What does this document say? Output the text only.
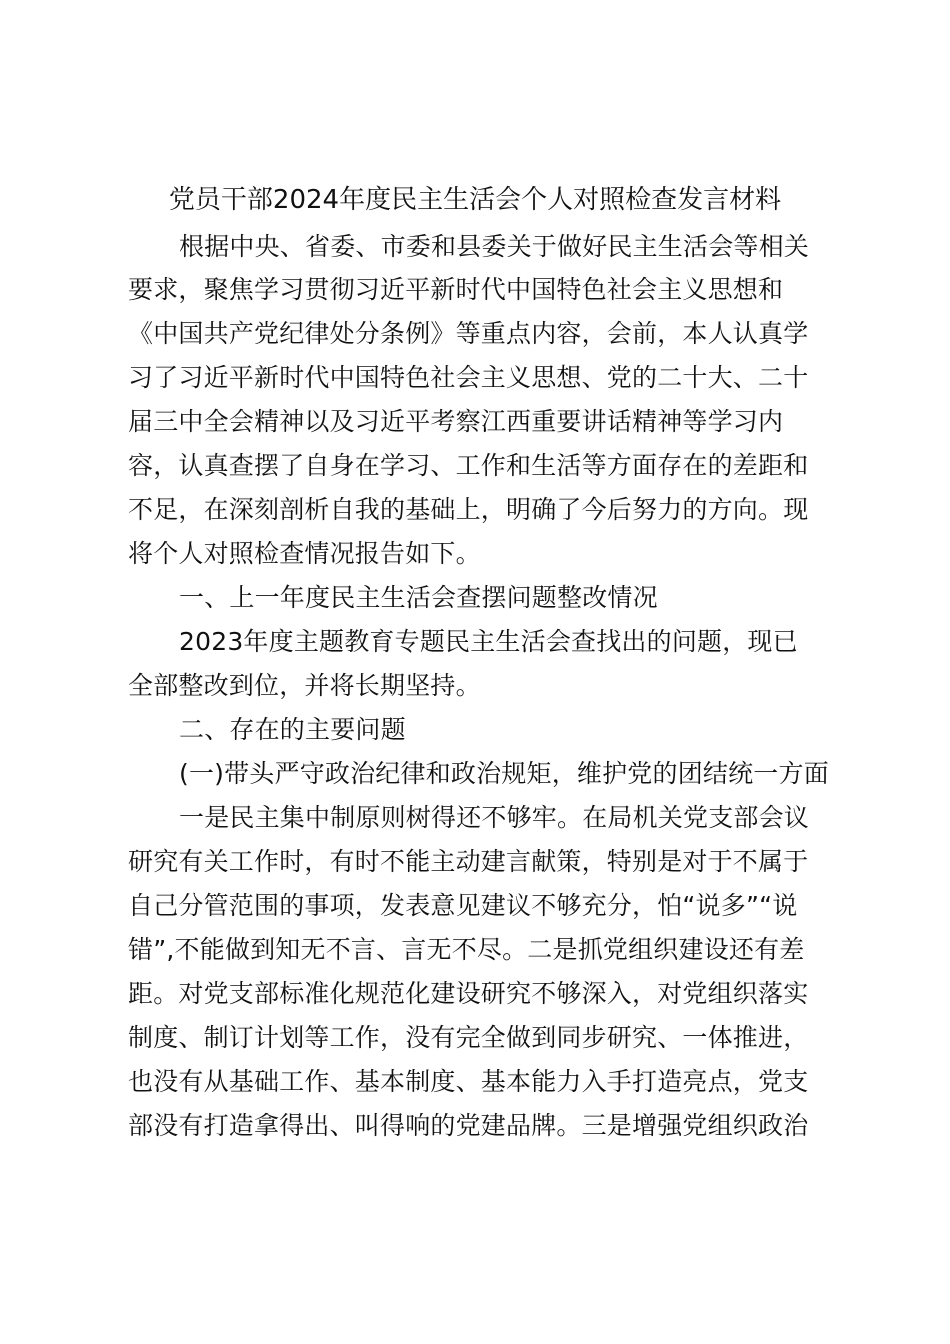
党员干部2024年度民主生活会个人对照检查发言材料
根据中央、省委、市委和县委关于做好民主生活会等相关
要求，聚焦学习贯彻习近平新时代中国特色社会主义思想和
《中国共产党纪律处分条例》等重点内容，会前，本人认真学
习了习近平新时代中国特色社会主义思想、党的二十大、二十
届三中全会精神以及习近平考察江西重要讲话精神等学习内
容，认真查摆了自身在学习、工作和生活等方面存在的差距和
不足，在深刻剖析自我的基础上，明确了今后努力的方向。现
将个人对照检查情况报告如下。
一、上一年度民主生活会查摆问题整改情况
2023年度主题教育专题民主生活会查找出的问题，现已
全部整改到位，并将长期坚持。
二、存在的主要问题
(一)带头严守政治纪律和政治规矩，维护党的团结统一方面
一是民主集中制原则树得还不够牢。在局机关党支部会议
研究有关工作时，有时不能主动建言献策，特别是对于不属于
自己分管范围的事项，发表意见建议不够充分，怕“说多”“说
错”,不能做到知无不言、言无不尽。二是抓党组织建设还有差
距。对党支部标准化规范化建设研究不够深入，对党组织落实
制度、制订计划等工作，没有完全做到同步研究、一体推进，
也没有从基础工作、基本制度、基本能力入手打造亮点，党支
部没有打造拿得出、叫得响的党建品牌。三是增强党组织政治
